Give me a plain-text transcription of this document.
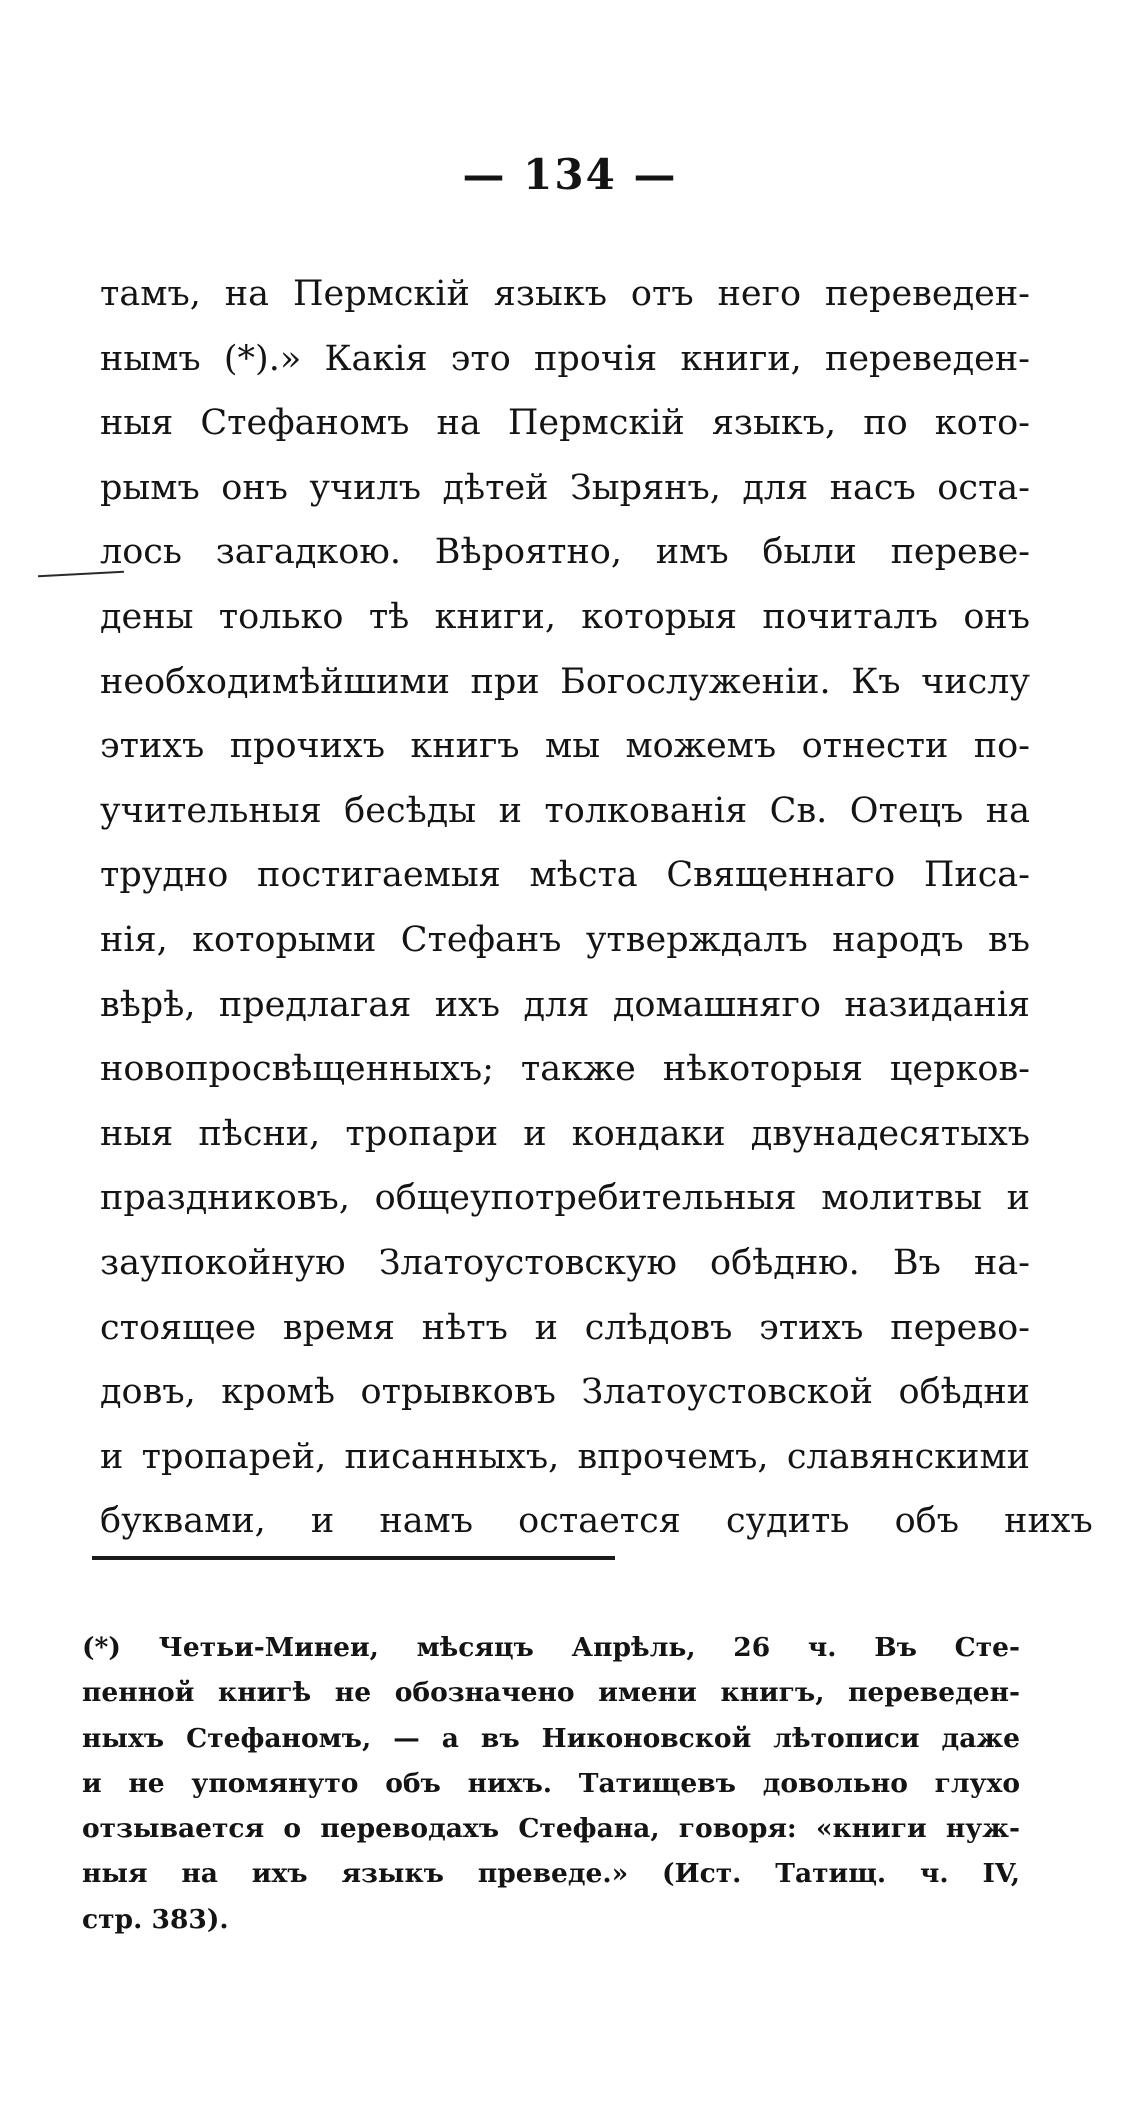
— 134 —
тамъ, на Пермскій языкъ отъ него переведен-
нымъ (*).» Какія это прочія книги, переведен-
ныя Стефаномъ на Пермскій языкъ, по кото-
рымъ онъ училъ дѣтей Зырянъ, для насъ оста-
лось загадкою. Вѣроятно, имъ были переве-
дены только тѣ книги, которыя почиталъ онъ
необходимѣйшими при Богослуженіи. Къ числу
этихъ прочихъ книгъ мы можемъ отнести по-
учительныя бесѣды и толкованія Св. Отецъ на
трудно постигаемыя мѣста Священнаго Писа-
нія, которыми Стефанъ утверждалъ народъ въ
вѣрѣ, предлагая ихъ для домашняго назиданія
новопросвѣщенныхъ; также нѣкоторыя церков-
ныя пѣсни, тропари и кондаки двунадесятыхъ
праздниковъ, общеупотребительныя молитвы и
заупокойную Златоустовскую обѣдню. Въ на-
стоящее время нѣтъ и слѣдовъ этихъ перево-
довъ, кромѣ отрывковъ Златоустовской обѣдни
и тропарей, писанныхъ, впрочемъ, славянскими
буквами, и намъ остается судить объ нихъ
(*) Четьи-Минеи, мѣсяцъ Апрѣль, 26 ч. Въ Сте-
пенной книгѣ не обозначено имени книгъ, переведен-
ныхъ Стефаномъ, — а въ Никоновской лѣтописи даже
и не упомянуто объ нихъ. Татищевъ довольно глухо
отзывается о переводахъ Стефана, говоря: «книги нуж-
ныя на ихъ языкъ преведе.» (Ист. Татищ. ч. IV,
стр. 383).
